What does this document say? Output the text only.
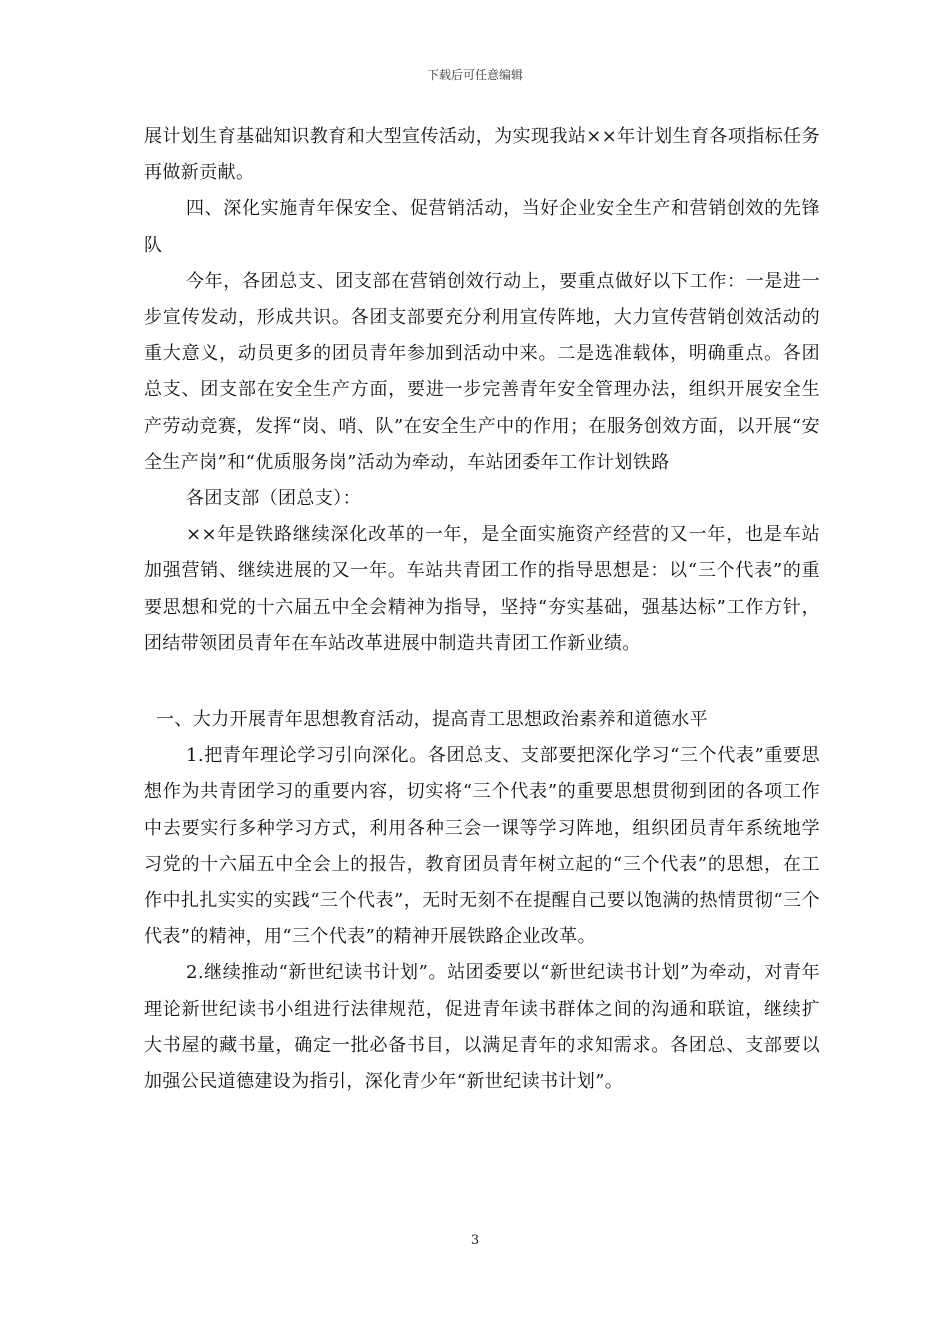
下载后可任意编辑

展计划生育基础知识教育和大型宣传活动，为实现我站××年计划生育各项指标任务再做新贡献。

四、深化实施青年保安全、促营销活动，当好企业安全生产和营销创效的先锋队

今年，各团总支、团支部在营销创效行动上，要重点做好以下工作：一是进一步宣传发动，形成共识。各团支部要充分利用宣传阵地，大力宣传营销创效活动的重大意义，动员更多的团员青年参加到活动中来。二是选准载体，明确重点。各团总支、团支部在安全生产方面，要进一步完善青年安全管理办法，组织开展安全生产劳动竞赛，发挥“岗、哨、队”在安全生产中的作用；在服务创效方面，以开展“安全生产岗”和“优质服务岗”活动为牵动，车站团委年工作计划铁路

各团支部（团总支）：

××年是铁路继续深化改革的一年，是全面实施资产经营的又一年，也是车站加强营销、继续进展的又一年。车站共青团工作的指导思想是：以“三个代表”的重要思想和党的十六届五中全会精神为指导，坚持“夯实基础，强基达标”工作方针，团结带领团员青年在车站改革进展中制造共青团工作新业绩。

一、大力开展青年思想教育活动，提高青工思想政治素养和道德水平

1.把青年理论学习引向深化。各团总支、支部要把深化学习“三个代表”重要思想作为共青团学习的重要内容，切实将“三个代表”的重要思想贯彻到团的各项工作中去要实行多种学习方式，利用各种三会一课等学习阵地，组织团员青年系统地学习党的十六届五中全会上的报告，教育团员青年树立起的“三个代表”的思想，在工作中扎扎实实的实践“三个代表”，无时无刻不在提醒自己要以饱满的热情贯彻“三个代表”的精神，用“三个代表”的精神开展铁路企业改革。

2.继续推动“新世纪读书计划”。站团委要以“新世纪读书计划”为牵动，对青年理论新世纪读书小组进行法律规范，促进青年读书群体之间的沟通和联谊，继续扩大书屋的藏书量，确定一批必备书目，以满足青年的求知需求。各团总、支部要以加强公民道德建设为指引，深化青少年“新世纪读书计划”。

3
